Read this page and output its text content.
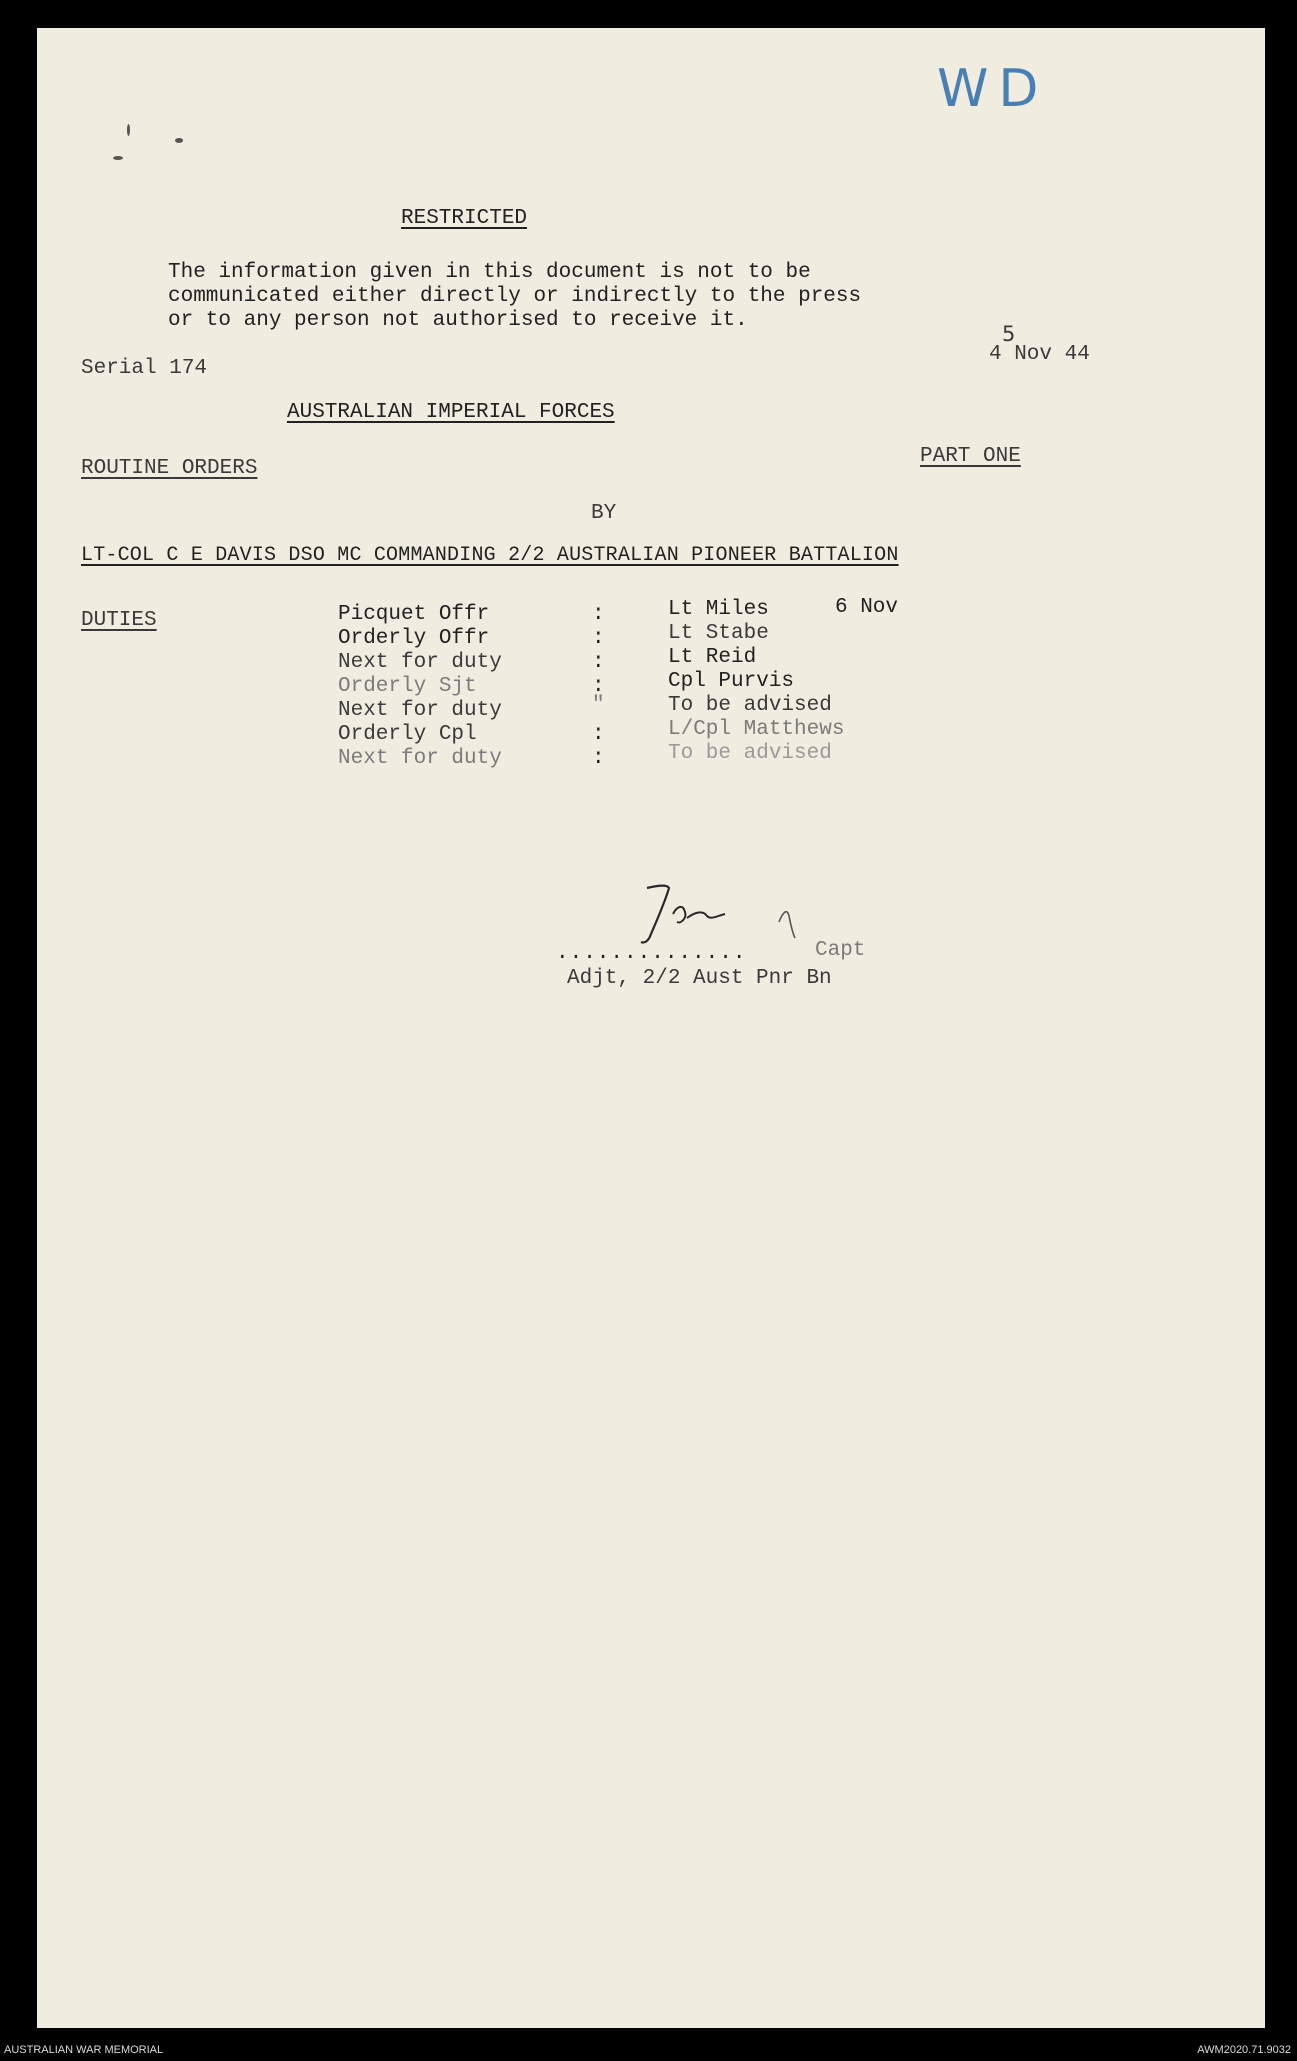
WD
RESTRICTED
The information given in this document is not to be
communicated either directly or indirectly to the press
or to any person not authorised to receive it.
Serial 174
5
4 Nov 44
AUSTRALIAN IMPERIAL FORCES
ROUTINE ORDERS
PART ONE
BY
LT-COL C E DAVIS DSO MC COMMANDING 2/2 AUSTRALIAN PIONEER BATTALION
DUTIES	Picquet Offr	:	Lt Miles	6 Nov
Orderly Offr	:	Lt Stabe
Next for duty	:	Lt Reid
Orderly Sjt	:	Cpl Purvis
Next for duty	"	To be advised
Orderly Cpl	:	L/Cpl Matthews
Next for duty	:	To be advised
..............	Capt
Adjt, 2/2 Aust Pnr Bn
AUSTRALIAN WAR MEMORIAL	AWM2020.71.9032
